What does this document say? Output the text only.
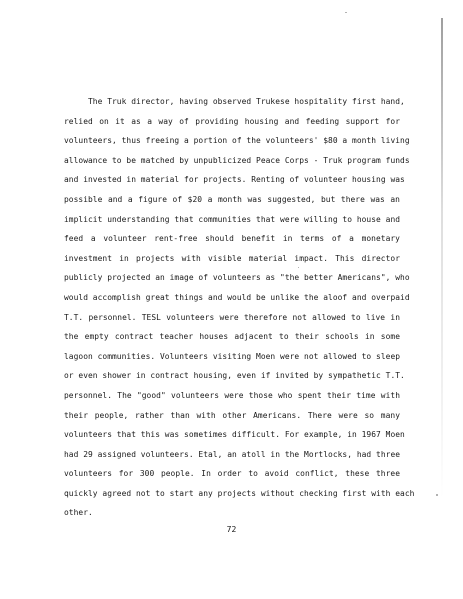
The Truk director, having observed Trukese hospitality first hand,
relied on it as a way of providing housing and feeding support for
volunteers, thus freeing a portion of the volunteers' $80 a month living
allowance to be matched by unpublicized Peace Corps - Truk program funds
and invested in material for projects. Renting of volunteer housing was
possible and a figure of $20 a month was suggested, but there was an
implicit understanding that communities that were willing to house and
feed a volunteer rent-free should benefit in terms of a monetary
investment in projects with visible material impact. This director
publicly projected an image of volunteers as "the better Americans", who
would accomplish great things and would be unlike the aloof and overpaid
T.T. personnel. TESL volunteers were therefore not allowed to live in
the empty contract teacher houses adjacent to their schools in some
lagoon communities. Volunteers visiting Moen were not allowed to sleep
or even shower in contract housing, even if invited by sympathetic T.T.
personnel. The "good" volunteers were those who spent their time with
their people, rather than with other Americans. There were so many
volunteers that this was sometimes difficult. For example, in 1967 Moen
had 29 assigned volunteers. Etal, an atoll in the Mortlocks, had three
volunteers for 300 people. In order to avoid conflict, these three
quickly agreed not to start any projects without checking first with each
other.
72
